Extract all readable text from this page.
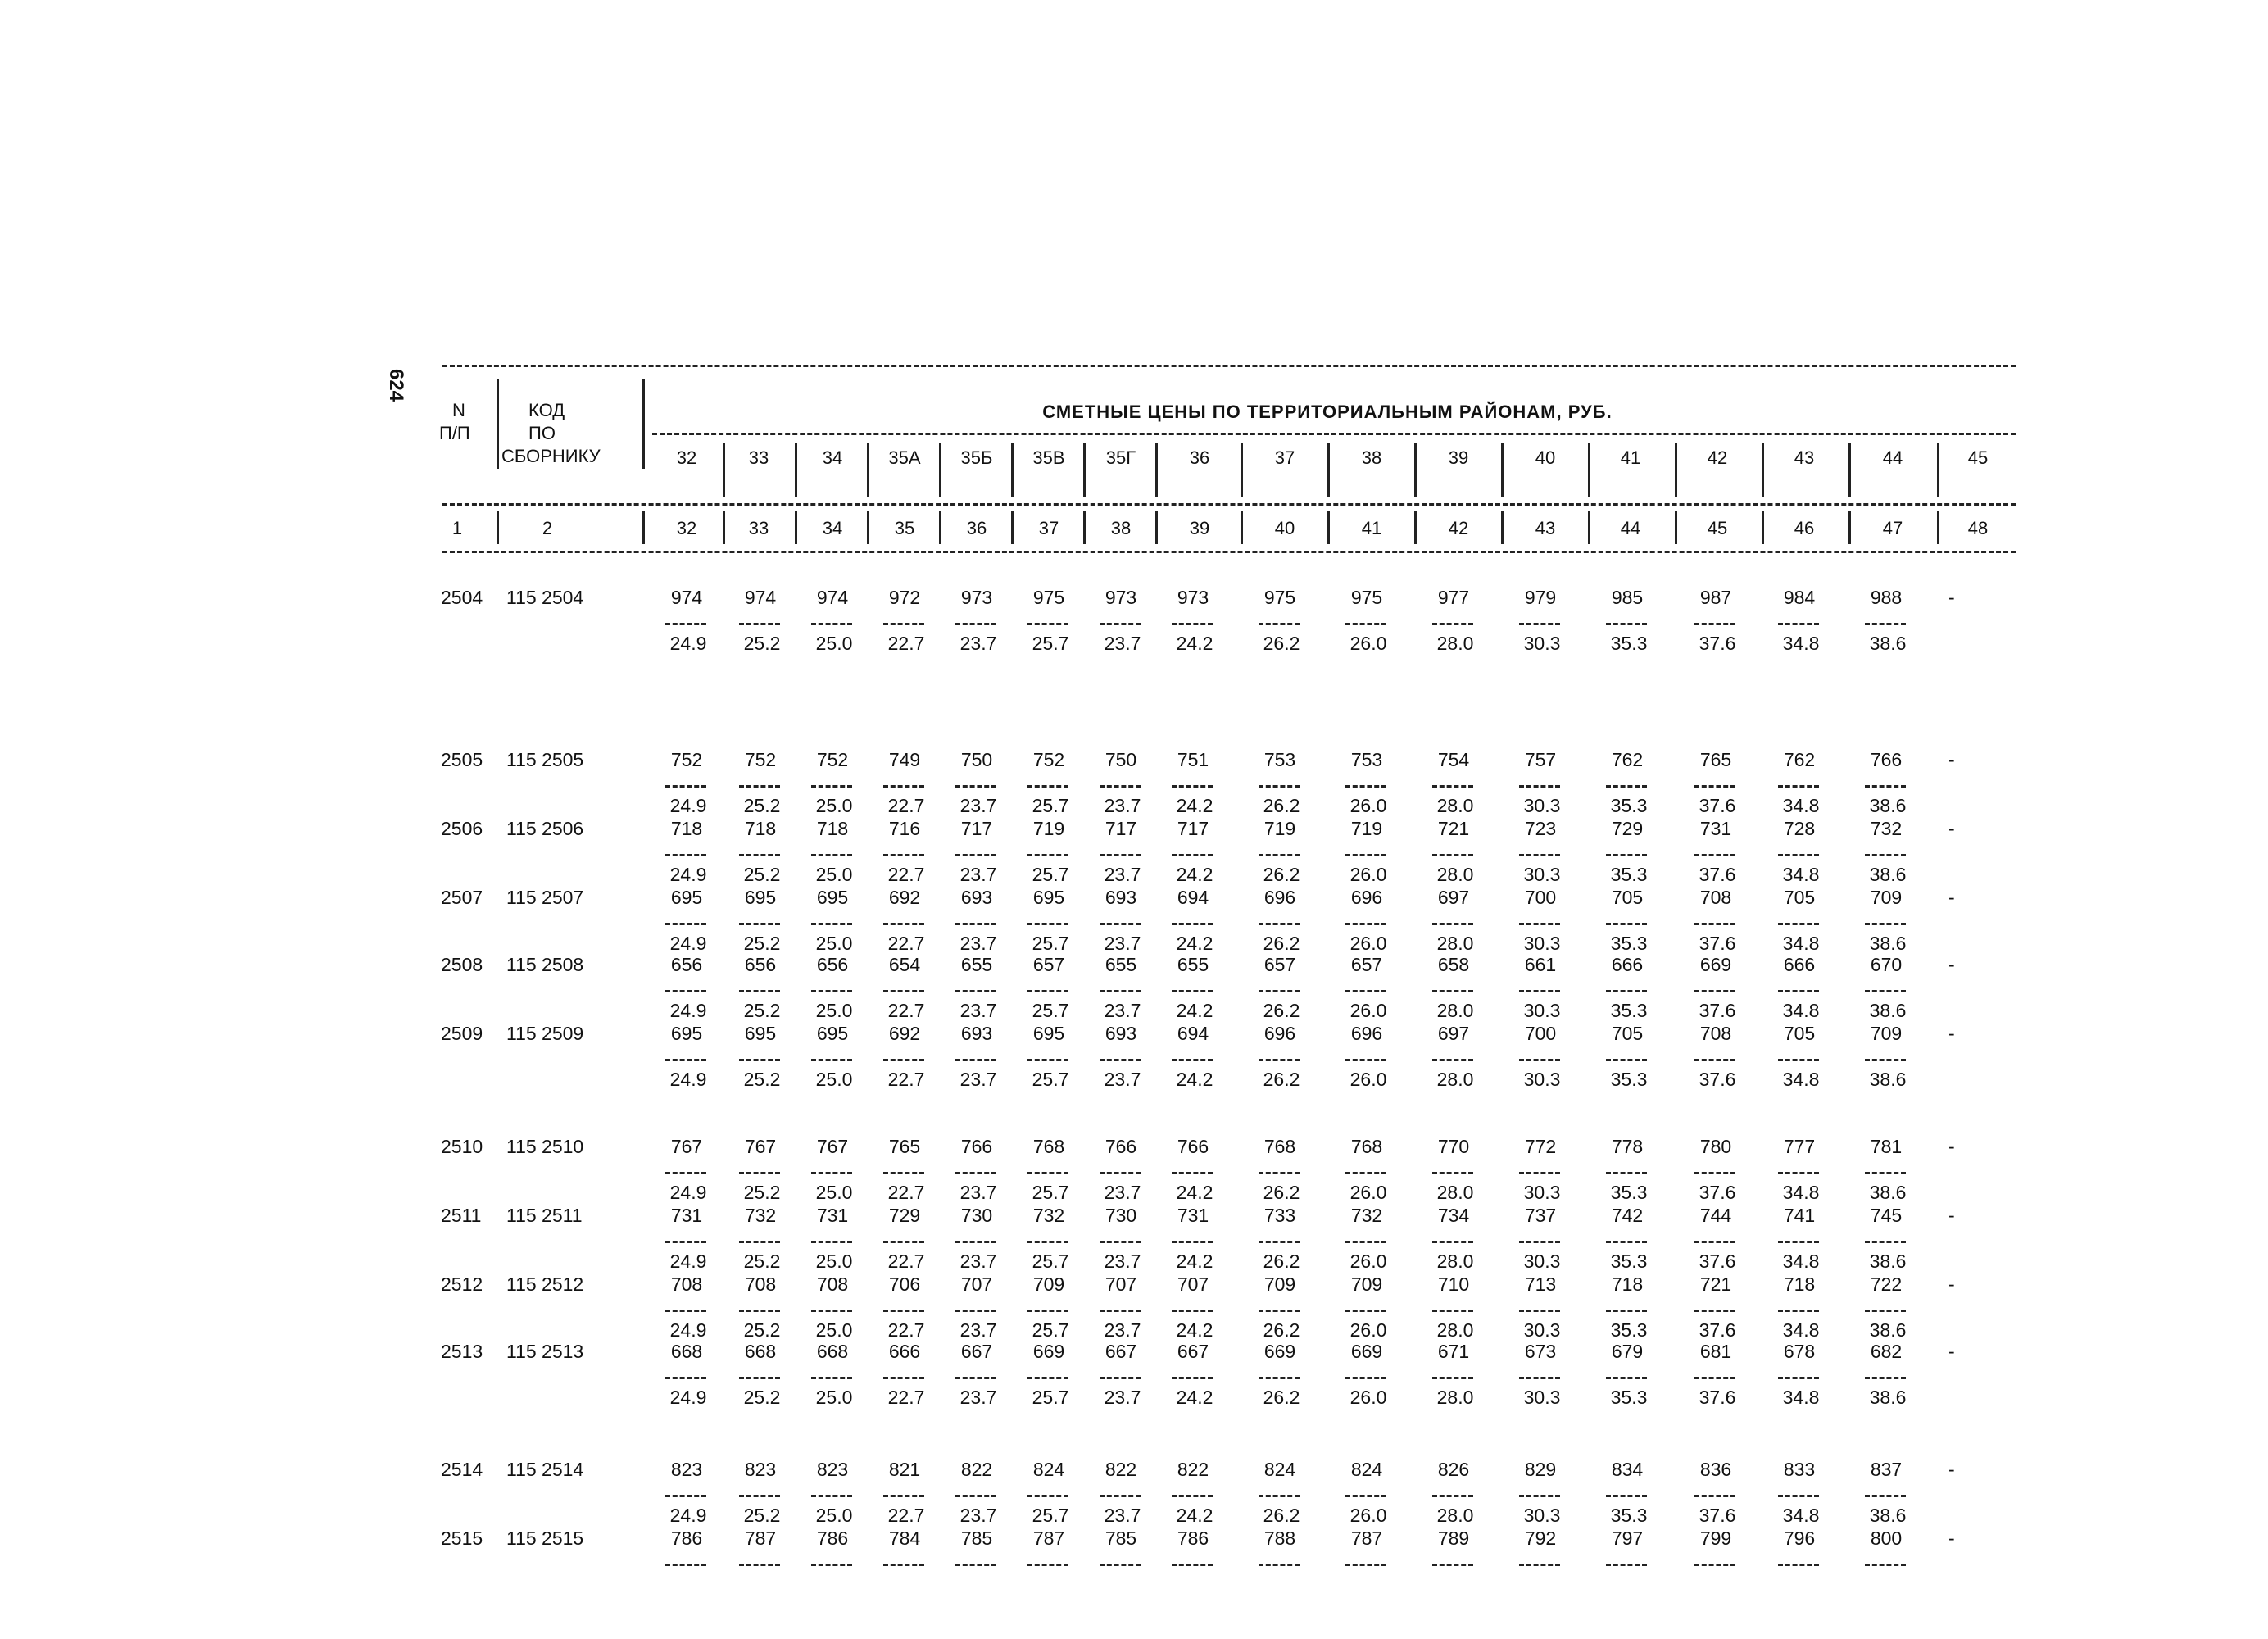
624
N
П/П
КОД
ПО
СБОРНИКУ
СМЕТНЫЕ ЦЕНЫ ПО ТЕРРИТОРИАЛЬНЫМ РАЙОНАМ, РУБ.
32	33	34	35А	35Б	35В	35Г	36	37	38	39	40	41	42	43	44	45
1	2	32	33	34	35	36	37	38	39	40	41	42	43	44	45	46	47	48
2504 115 2504	974	974	974	972	973	975	973	973	975	975	977	979	985	987	984	988
24.9	25.2	25.0	22.7	23.7	25.7	23.7	24.2	26.2	26.0	28.0	30.3	35.3	37.6	34.8	38.6
-
2505 115 2505	752	752	752	749	750	752	750	751	753	753	754	757	762	765	762	766
24.9	25.2	25.0	22.7	23.7	25.7	23.7	24.2	26.2	26.0	28.0	30.3	35.3	37.6	34.8	38.6
-
2506 115 2506	718	718	718	716	717	719	717	717	719	719	721	723	729	731	728	732
24.9	25.2	25.0	22.7	23.7	25.7	23.7	24.2	26.2	26.0	28.0	30.3	35.3	37.6	34.8	38.6
-
2507 115 2507	695	695	695	692	693	695	693	694	696	696	697	700	705	708	705	709
24.9	25.2	25.0	22.7	23.7	25.7	23.7	24.2	26.2	26.0	28.0	30.3	35.3	37.6	34.8	38.6
-
2508 115 2508	656	656	656	654	655	657	655	655	657	657	658	661	666	669	666	670
24.9	25.2	25.0	22.7	23.7	25.7	23.7	24.2	26.2	26.0	28.0	30.3	35.3	37.6	34.8	38.6
-
2509 115 2509	695	695	695	692	693	695	693	694	696	696	697	700	705	708	705	709
24.9	25.2	25.0	22.7	23.7	25.7	23.7	24.2	26.2	26.0	28.0	30.3	35.3	37.6	34.8	38.6
-
2510 115 2510	767	767	767	765	766	768	766	766	768	768	770	772	778	780	777	781
24.9	25.2	25.0	22.7	23.7	25.7	23.7	24.2	26.2	26.0	28.0	30.3	35.3	37.6	34.8	38.6
-
2511 115 2511	731	732	731	729	730	732	730	731	733	732	734	737	742	744	741	745
24.9	25.2	25.0	22.7	23.7	25.7	23.7	24.2	26.2	26.0	28.0	30.3	35.3	37.6	34.8	38.6
-
2512 115 2512	708	708	708	706	707	709	707	707	709	709	710	713	718	721	718	722
24.9	25.2	25.0	22.7	23.7	25.7	23.7	24.2	26.2	26.0	28.0	30.3	35.3	37.6	34.8	38.6
-
2513 115 2513	668	668	668	666	667	669	667	667	669	669	671	673	679	681	678	682
24.9	25.2	25.0	22.7	23.7	25.7	23.7	24.2	26.2	26.0	28.0	30.3	35.3	37.6	34.8	38.6
-
2514 115 2514	823	823	823	821	822	824	822	822	824	824	826	829	834	836	833	837
24.9	25.2	25.0	22.7	23.7	25.7	23.7	24.2	26.2	26.0	28.0	30.3	35.3	37.6	34.8	38.6
-
2515 115 2515	786	787	786	784	785	787	785	786	788	787	789	792	797	799	796	800	-
